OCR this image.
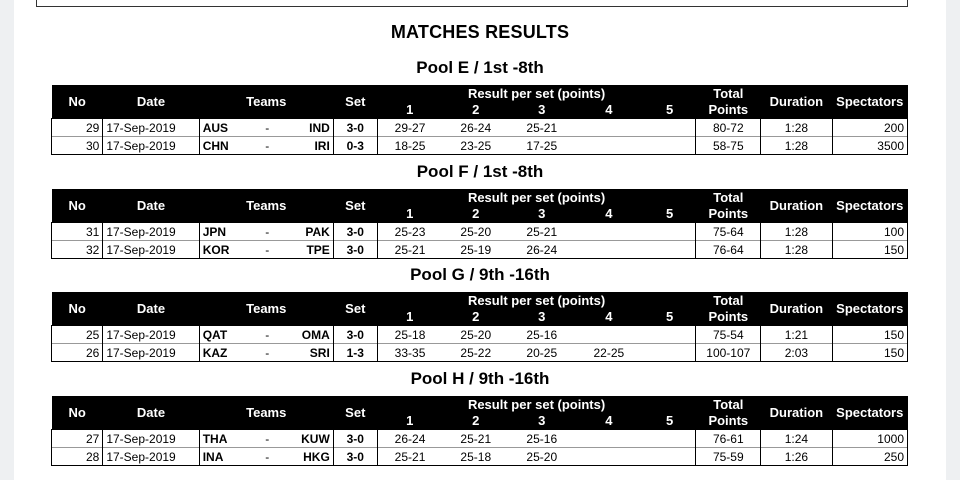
MATCHES RESULTS
Pool E / 1st -8th
No	Date	Teams			Set	Result per set (points)					Total	Duration	Spectators
						1	2	3	4	5	Points		
29	17-Sep-2019	AUS	-	IND	3-0	29-27	26-24	25-21			80-72	1:28	200
30	17-Sep-2019	CHN	-	IRI	0-3	18-25	23-25	17-25			58-75	1:28	3500
Pool F / 1st -8th
No	Date	Teams			Set	Result per set (points)					Total	Duration	Spectators
						1	2	3	4	5	Points		
31	17-Sep-2019	JPN	-	PAK	3-0	25-23	25-20	25-21			75-64	1:28	100
32	17-Sep-2019	KOR	-	TPE	3-0	25-21	25-19	26-24			76-64	1:28	150
Pool G / 9th -16th
No	Date	Teams			Set	Result per set (points)					Total	Duration	Spectators
						1	2	3	4	5	Points		
25	17-Sep-2019	QAT	-	OMA	3-0	25-18	25-20	25-16			75-54	1:21	150
26	17-Sep-2019	KAZ	-	SRI	1-3	33-35	25-22	20-25	22-25		100-107	2:03	150
Pool H / 9th -16th
No	Date	Teams			Set	Result per set (points)					Total	Duration	Spectators
						1	2	3	4	5	Points		
27	17-Sep-2019	THA	-	KUW	3-0	26-24	25-21	25-16			76-61	1:24	1000
28	17-Sep-2019	INA	-	HKG	3-0	25-21	25-18	25-20			75-59	1:26	250
